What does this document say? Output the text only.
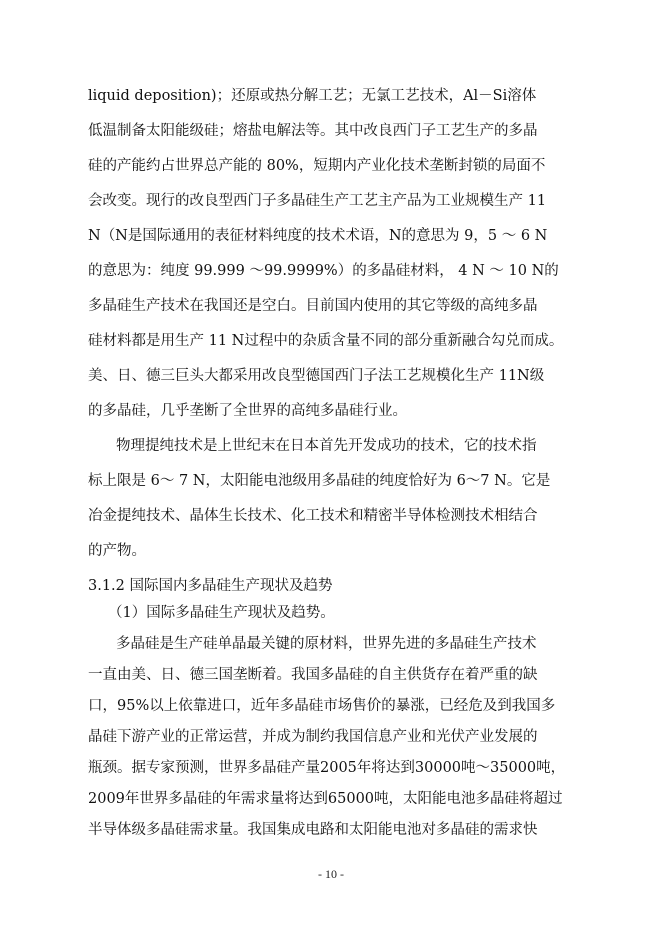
liquid deposition)；还原或热分解工艺；无氯工艺技术，Al－Si溶体
低温制备太阳能级硅；熔盐电解法等。其中改良西门子工艺生产的多晶
硅的产能约占世界总产能的 80%，短期内产业化技术垄断封锁的局面不
会改变。现行的改良型西门子多晶硅生产工艺主产品为工业规模生产 11
N（N是国际通用的表征材料纯度的技术术语，N的意思为 9，5 ～ 6 N
的意思为：纯度 99.999 ～99.9999%）的多晶硅材料， 4 N ～ 10 N的
多晶硅生产技术在我国还是空白。目前国内使用的其它等级的高纯多晶
硅材料都是用生产 11 N过程中的杂质含量不同的部分重新融合勾兑而成。
美、日、德三巨头大都采用改良型德国西门子法工艺规模化生产 11N级
的多晶硅，几乎垄断了全世界的高纯多晶硅行业。
物理提纯技术是上世纪末在日本首先开发成功的技术，它的技术指
标上限是 6～ 7 N，太阳能电池级用多晶硅的纯度恰好为 6～7 N。它是
冶金提纯技术、晶体生长技术、化工技术和精密半导体检测技术相结合
的产物。
3.1.2 国际国内多晶硅生产现状及趋势
（1）国际多晶硅生产现状及趋势。
多晶硅是生产硅单晶最关键的原材料，世界先进的多晶硅生产技术
一直由美、日、德三国垄断着。我国多晶硅的自主供货存在着严重的缺
口，95%以上依靠进口，近年多晶硅市场售价的暴涨，已经危及到我国多
晶硅下游产业的正常运营，并成为制约我国信息产业和光伏产业发展的
瓶颈。据专家预测，世界多晶硅产量2005年将达到30000吨～35000吨，
2009年世界多晶硅的年需求量将达到65000吨，太阳能电池多晶硅将超过
半导体级多晶硅需求量。我国集成电路和太阳能电池对多晶硅的需求快
- 10 -
